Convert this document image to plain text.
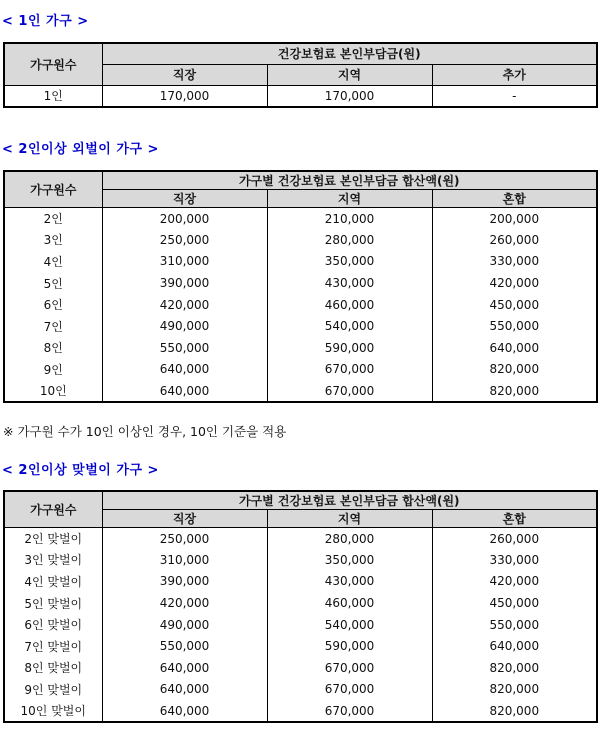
< 1인 가구 >
가구원수	건강보험료 본인부담금(원)		
	직장	지역	추가
1인	170,000	170,000	-
< 2인이상 외벌이 가구 >
가구원수	가구별 건강보험료 본인부담금 합산액(원)		
	직장	지역	혼합
2인	200,000	210,000	200,000
3인	250,000	280,000	260,000
4인	310,000	350,000	330,000
5인	390,000	430,000	420,000
6인	420,000	460,000	450,000
7인	490,000	540,000	550,000
8인	550,000	590,000	640,000
9인	640,000	670,000	820,000
10인	640,000	670,000	820,000
※ 가구원 수가 10인 이상인 경우, 10인 기준을 적용
< 2인이상 맞벌이 가구 >
가구원수	가구별 건강보험료 본인부담금 합산액(원)		
	직장	지역	혼합
2인 맞벌이	250,000	280,000	260,000
3인 맞벌이	310,000	350,000	330,000
4인 맞벌이	390,000	430,000	420,000
5인 맞벌이	420,000	460,000	450,000
6인 맞벌이	490,000	540,000	550,000
7인 맞벌이	550,000	590,000	640,000
8인 맞벌이	640,000	670,000	820,000
9인 맞벌이	640,000	670,000	820,000
10인 맞벌이	640,000	670,000	820,000
